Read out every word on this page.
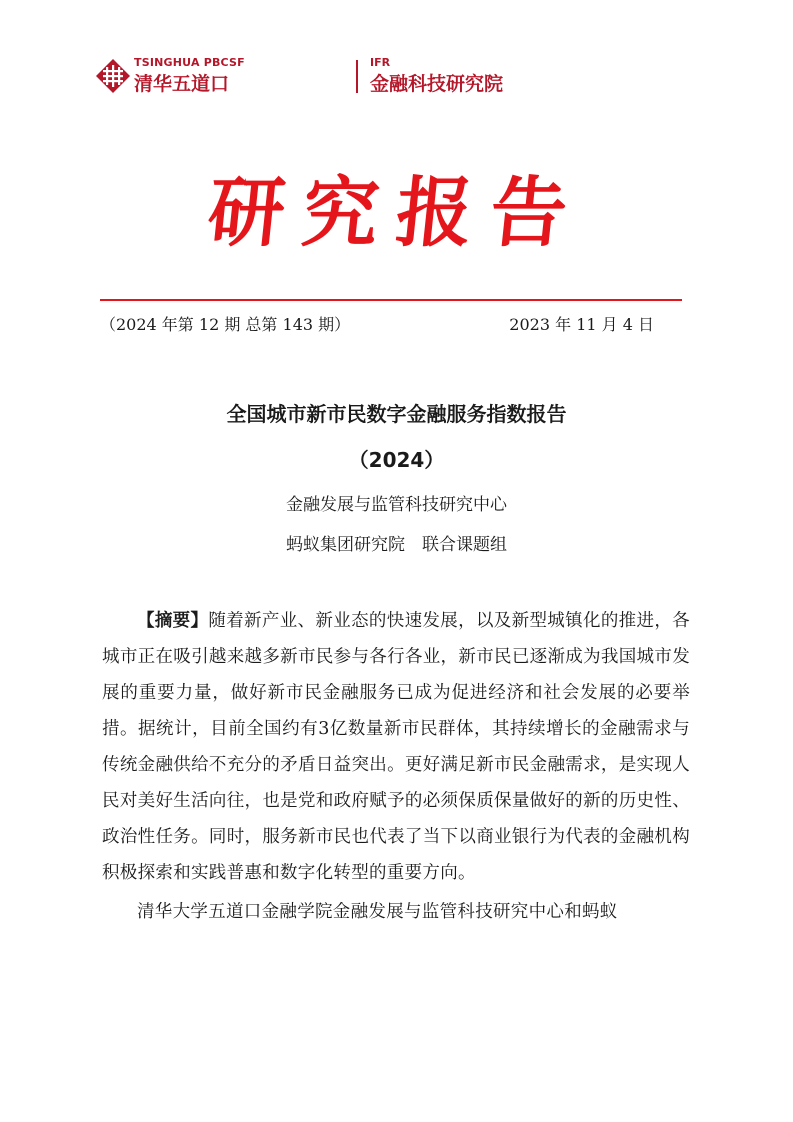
TSINGHUA PBCSF
清华五道口
IFR
金融科技研究院
研究报告
（2024 年第 12 期 总第 143 期）	2023 年 11 月 4 日
全国城市新市民数字金融服务指数报告
（2024）
金融发展与监管科技研究中心
蚂蚁集团研究院　联合课题组

【摘要】随着新产业、新业态的快速发展，以及新型城镇化的推进，各城市正在吸引越来越多新市民参与各行各业，新市民已逐渐成为我国城市发展的重要力量，做好新市民金融服务已成为促进经济和社会发展的必要举措。据统计，目前全国约有3亿数量新市民群体，其持续增长的金融需求与传统金融供给不充分的矛盾日益突出。更好满足新市民金融需求，是实现人民对美好生活向往，也是党和政府赋予的必须保质保量做好的新的历史性、政治性任务。同时，服务新市民也代表了当下以商业银行为代表的金融机构积极探索和实践普惠和数字化转型的重要方向。

清华大学五道口金融学院金融发展与监管科技研究中心和蚂蚁
